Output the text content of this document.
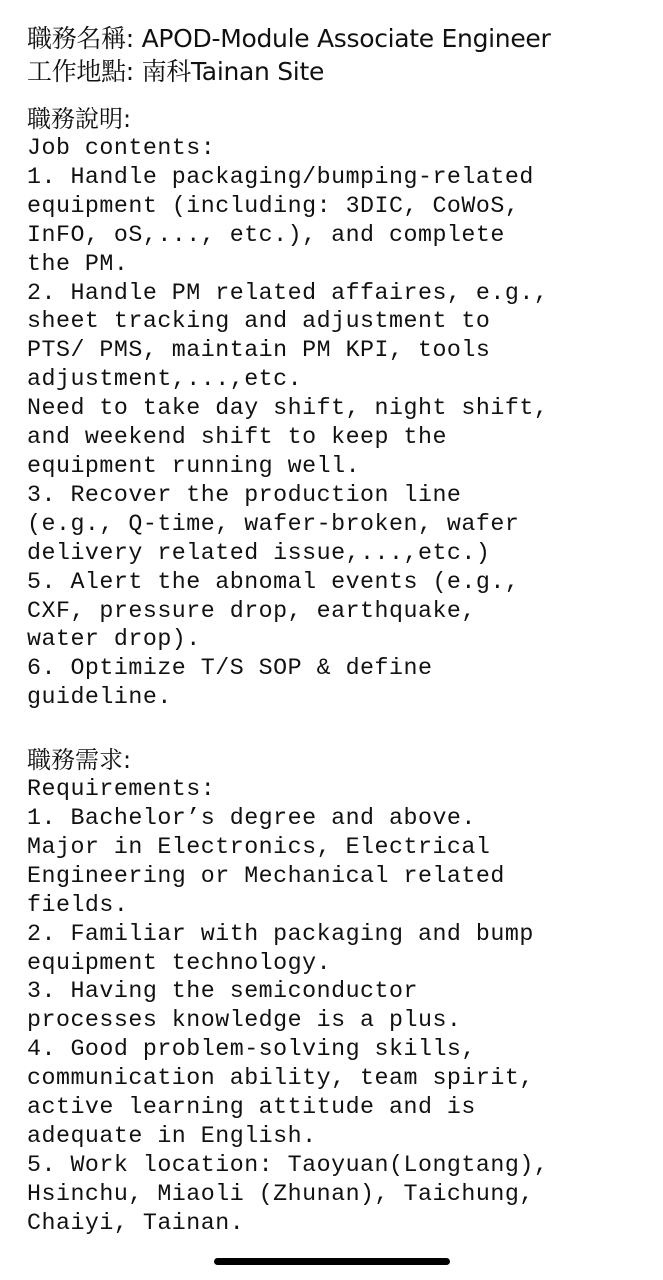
職務名稱: APOD-Module Associate Engineer
工作地點: 南科Tainan Site
職務說明:
Job contents:
1. Handle packaging/bumping-related
equipment (including: 3DIC, CoWoS,
InFO, oS,..., etc.), and complete
the PM.
2. Handle PM related affaires, e.g.,
sheet tracking and adjustment to
PTS/ PMS, maintain PM KPI, tools
adjustment,...,etc.
Need to take day shift, night shift,
and weekend shift to keep the
equipment running well.
3. Recover the production line
(e.g., Q-time, wafer-broken, wafer
delivery related issue,...,etc.)
5. Alert the abnomal events (e.g.,
CXF, pressure drop, earthquake,
water drop).
6. Optimize T/S SOP & define
guideline.
職務需求:
Requirements:
1. Bachelor’s degree and above.
Major in Electronics, Electrical
Engineering or Mechanical related
fields.
2. Familiar with packaging and bump
equipment technology.
3. Having the semiconductor
processes knowledge is a plus.
4. Good problem-solving skills,
communication ability, team spirit,
active learning attitude and is
adequate in English.
5. Work location: Taoyuan(Longtang),
Hsinchu, Miaoli (Zhunan), Taichung,
Chaiyi, Tainan.
